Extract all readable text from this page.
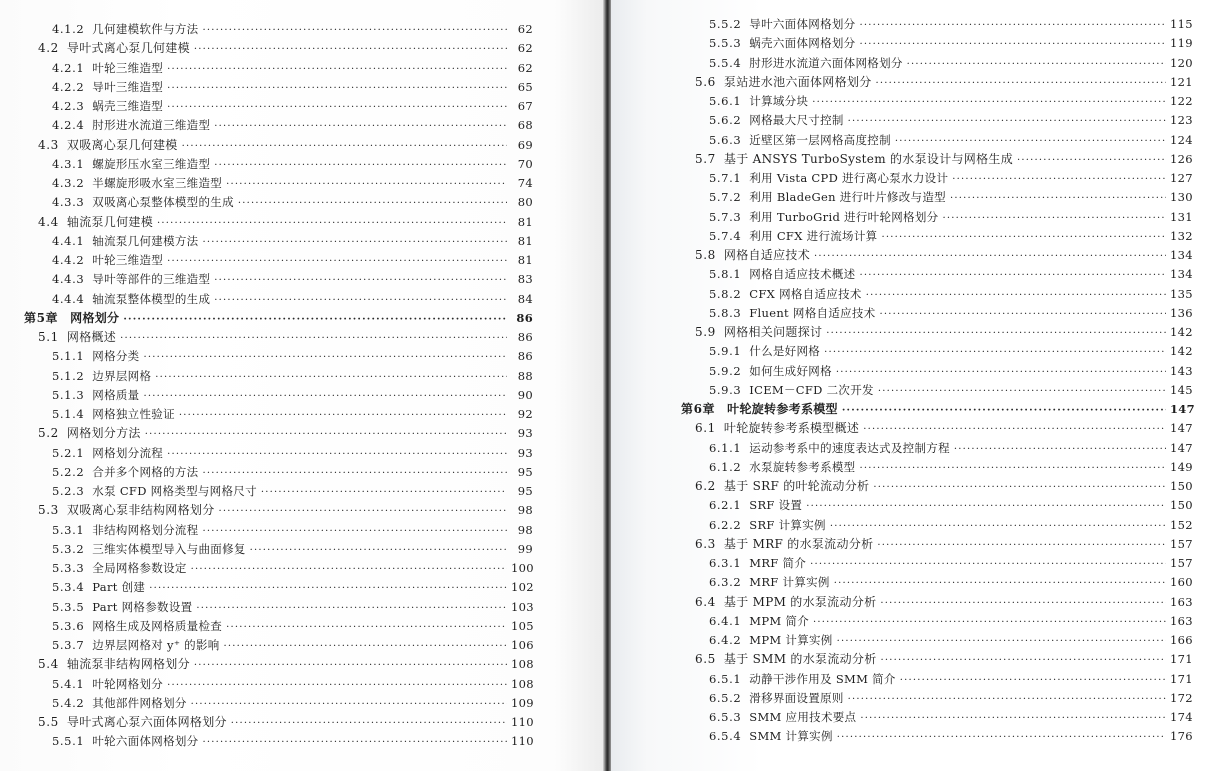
4.1.2 几何建模软件与方法 ·····	62
4.2 导叶式离心泵几何建模 ·····	62
4.2.1 叶轮三维造型 ·····	62
4.2.2 导叶三维造型 ·····	65
4.2.3 蜗壳三维造型 ·····	67
4.2.4 肘形进水流道三维造型 ·····	68
4.3 双吸离心泵几何建模 ·····	69
4.3.1 螺旋形压水室三维造型 ·····	70
4.3.2 半螺旋形吸水室三维造型 ·····	74
4.3.3 双吸离心泵整体模型的生成 ·····	80
4.4 轴流泵几何建模 ·····	81
4.4.1 轴流泵几何建模方法 ·····	81
4.4.2 叶轮三维造型 ·····	81
4.4.3 导叶等部件的三维造型 ·····	83
4.4.4 轴流泵整体模型的生成 ·····	84
第5章 网格划分 ·····	86
5.1 网格概述 ·····	86
5.1.1 网格分类 ·····	86
5.1.2 边界层网格 ·····	88
5.1.3 网格质量 ·····	90
5.1.4 网格独立性验证 ·····	92
5.2 网格划分方法 ·····	93
5.2.1 网格划分流程 ·····	93
5.2.2 合并多个网格的方法 ·····	95
5.2.3 水泵 CFD 网格类型与网格尺寸 ·····	95
5.3 双吸离心泵非结构网格划分 ·····	98
5.3.1 非结构网格划分流程 ·····	98
5.3.2 三维实体模型导入与曲面修复 ·····	99
5.3.3 全局网格参数设定 ·····	100
5.3.4 Part 创建 ·····	102
5.3.5 Part 网格参数设置 ·····	103
5.3.6 网格生成及网格质量检查 ·····	105
5.3.7 边界层网格对 y⁺ 的影响 ·····	106
5.4 轴流泵非结构网格划分 ·····	108
5.4.1 叶轮网格划分 ·····	108
5.4.2 其他部件网格划分 ·····	109
5.5 导叶式离心泵六面体网格划分 ·····	110
5.5.1 叶轮六面体网格划分 ·····	110
5.5.2 导叶六面体网格划分 ·····	115
5.5.3 蜗壳六面体网格划分 ·····	119
5.5.4 肘形进水流道六面体网格划分 ·····	120
5.6 泵站进水池六面体网格划分 ·····	121
5.6.1 计算域分块 ·····	122
5.6.2 网格最大尺寸控制 ·····	123
5.6.3 近壁区第一层网格高度控制 ·····	124
5.7 基于 ANSYS TurboSystem 的水泵设计与网格生成 ·····	126
5.7.1 利用 Vista CPD 进行离心泵水力设计 ·····	127
5.7.2 利用 BladeGen 进行叶片修改与造型 ·····	130
5.7.3 利用 TurboGrid 进行叶轮网格划分 ·····	131
5.7.4 利用 CFX 进行流场计算 ·····	132
5.8 网格自适应技术 ·····	134
5.8.1 网格自适应技术概述 ·····	134
5.8.2 CFX 网格自适应技术 ·····	135
5.8.3 Fluent 网格自适应技术 ·····	136
5.9 网格相关问题探讨 ·····	142
5.9.1 什么是好网格 ·····	142
5.9.2 如何生成好网格 ·····	143
5.9.3 ICEM－CFD 二次开发 ·····	145
第6章 叶轮旋转参考系模型 ·····	147
6.1 叶轮旋转参考系模型概述 ·····	147
6.1.1 运动参考系中的速度表达式及控制方程 ·····	147
6.1.2 水泵旋转参考系模型 ·····	149
6.2 基于 SRF 的叶轮流动分析 ·····	150
6.2.1 SRF 设置 ·····	150
6.2.2 SRF 计算实例 ·····	152
6.3 基于 MRF 的水泵流动分析 ·····	157
6.3.1 MRF 简介 ·····	157
6.3.2 MRF 计算实例 ·····	160
6.4 基于 MPM 的水泵流动分析 ·····	163
6.4.1 MPM 简介 ·····	163
6.4.2 MPM 计算实例 ·····	166
6.5 基于 SMM 的水泵流动分析 ·····	171
6.5.1 动静干涉作用及 SMM 简介 ·····	171
6.5.2 滑移界面设置原则 ·····	172
6.5.3 SMM 应用技术要点 ·····	174
6.5.4 SMM 计算实例 ·····	176
